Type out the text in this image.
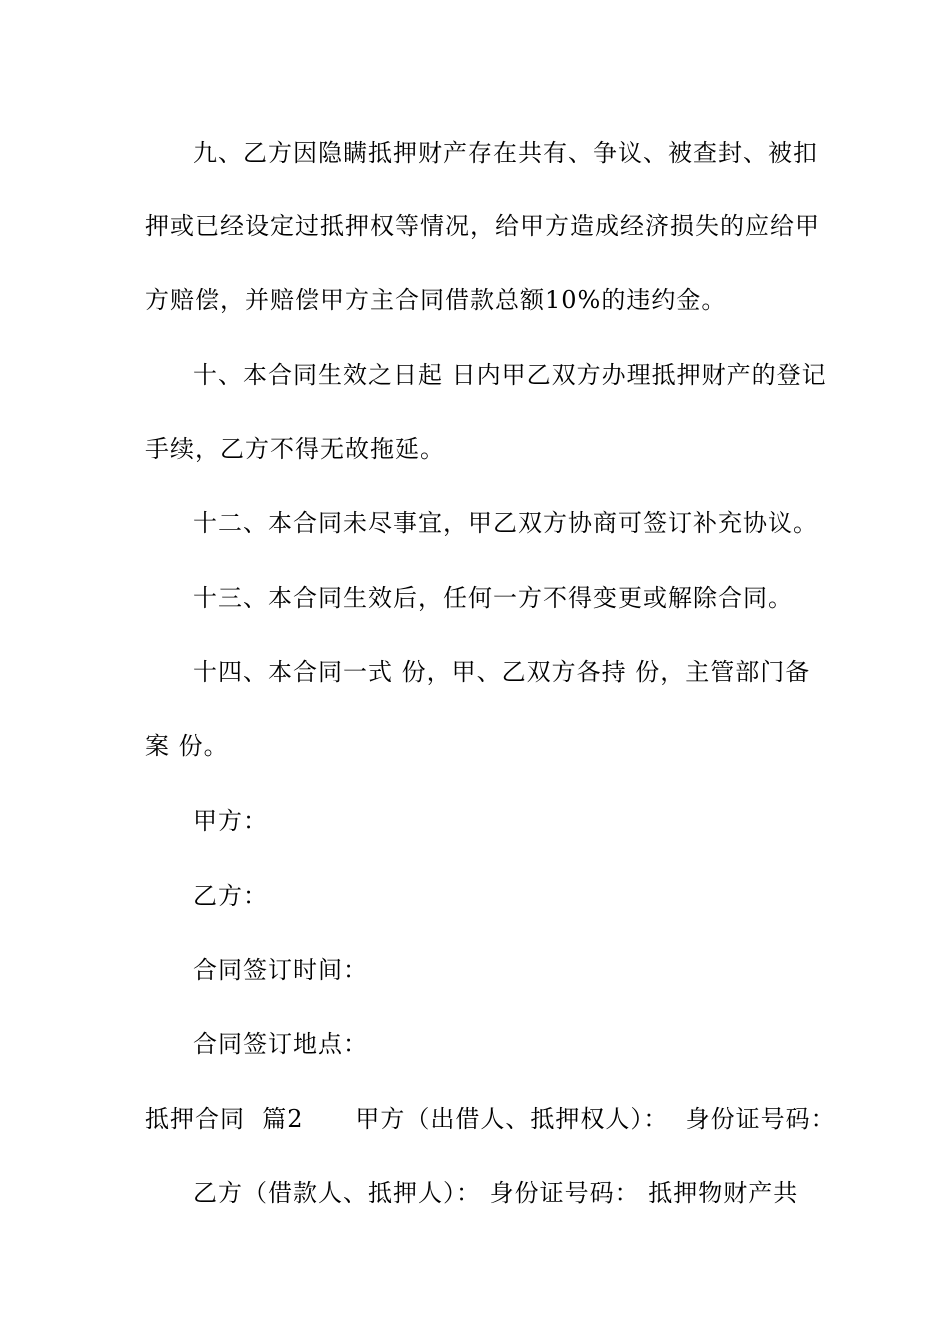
九、乙方因隐瞒抵押财产存在共有、争议、被查封、被扣
押或已经设定过抵押权等情况，给甲方造成经济损失的应给甲
方赔偿，并赔偿甲方主合同借款总额10%的违约金。
十、本合同生效之日起 日内甲乙双方办理抵押财产的登记
手续，乙方不得无故拖延。
十二、本合同未尽事宜，甲乙双方协商可签订补充协议。
十三、本合同生效后，任何一方不得变更或解除合同。
十四、本合同一式 份，甲、乙双方各持 份，主管部门备
案 份。
甲方：
乙方：
合同签订时间：
合同签订地点：
抵押合同 篇2 甲方（出借人、抵押权人）：  身份证号码：
乙方（借款人、抵押人）： 身份证号码： 抵押物财产共
